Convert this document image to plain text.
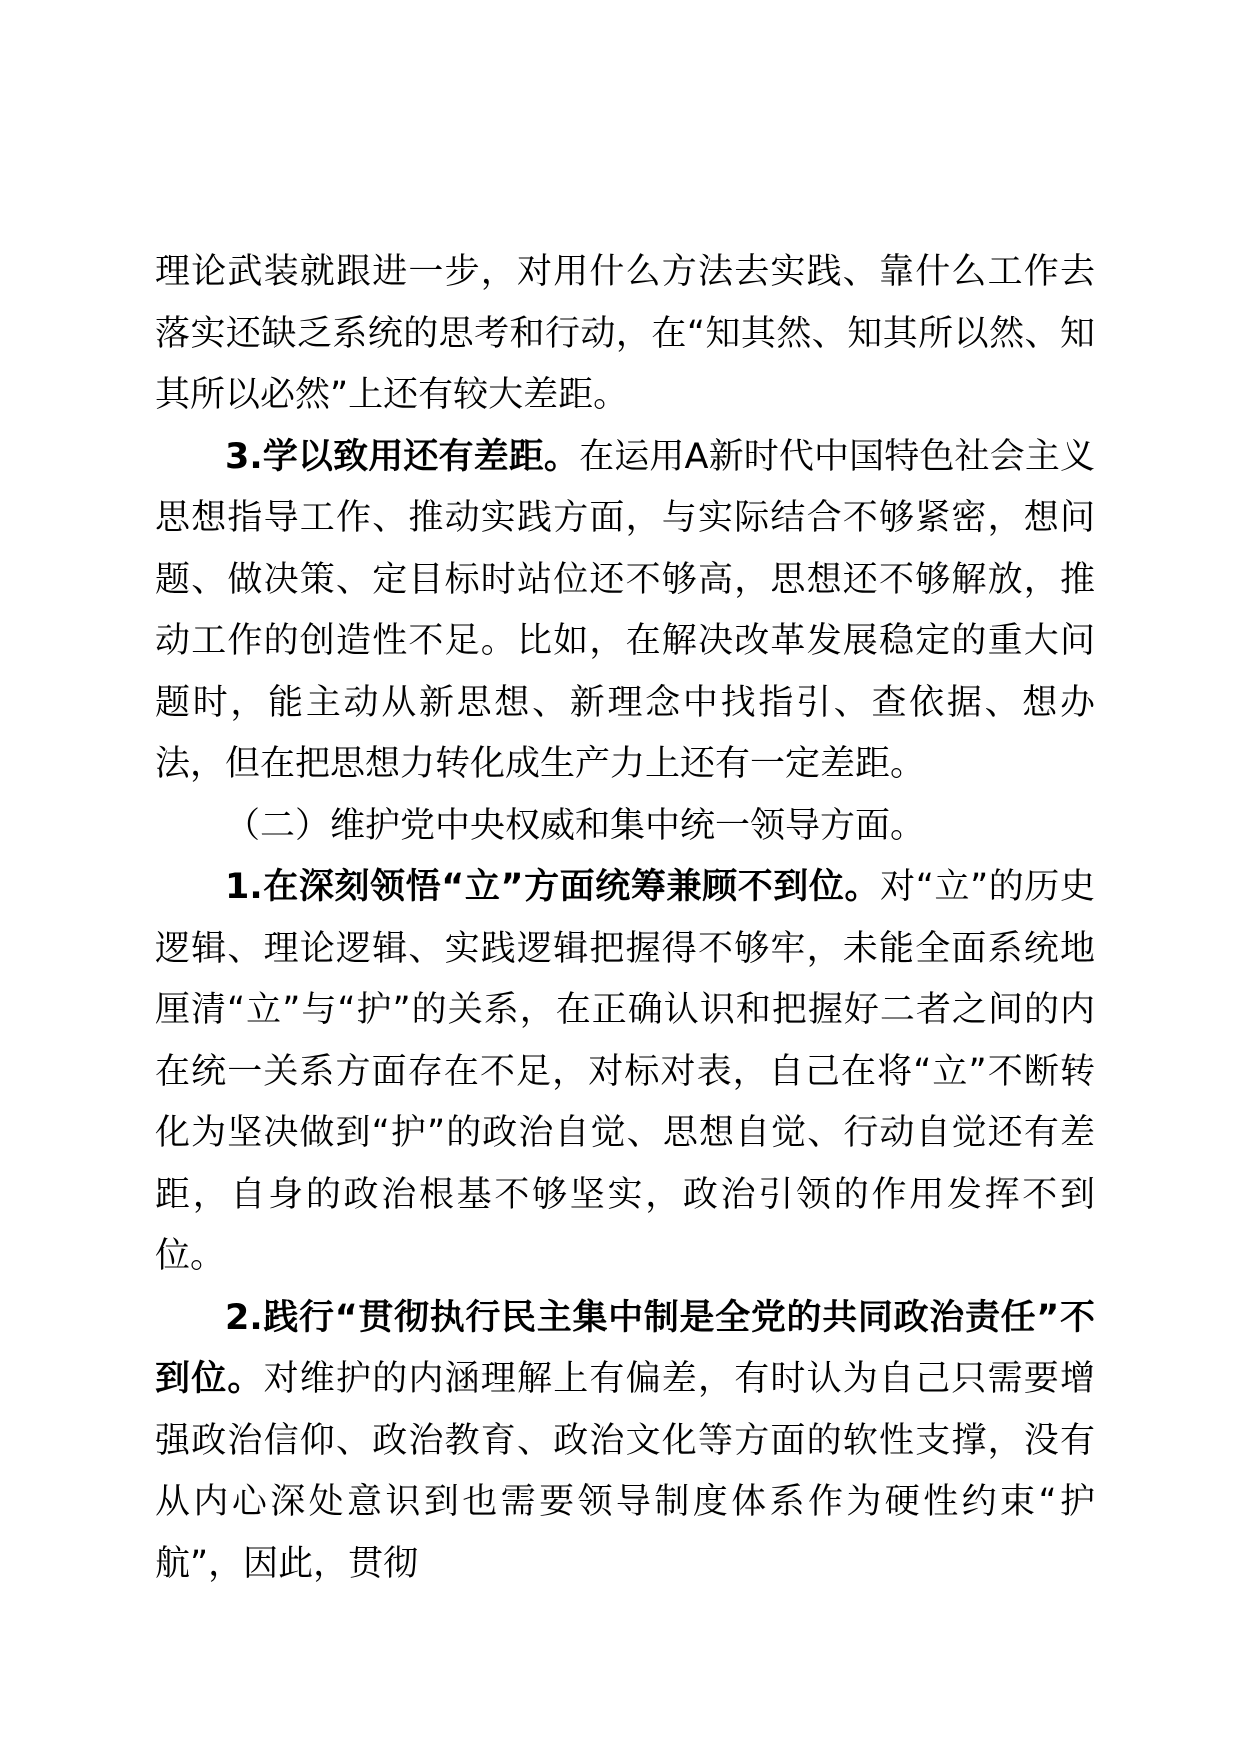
理论武装就跟进一步，对用什么方法去实践、靠什么工作去落实还缺乏系统的思考和行动，在“知其然、知其所以然、知其所以必然”上还有较大差距。

3.学以致用还有差距。在运用A新时代中国特色社会主义思想指导工作、推动实践方面，与实际结合不够紧密，想问题、做决策、定目标时站位还不够高，思想还不够解放，推动工作的创造性不足。比如，在解决改革发展稳定的重大问题时，能主动从新思想、新理念中找指引、查依据、想办法，但在把思想力转化成生产力上还有一定差距。

（二）维护党中央权威和集中统一领导方面。

1.在深刻领悟“立”方面统筹兼顾不到位。对“立”的历史逻辑、理论逻辑、实践逻辑把握得不够牢，未能全面系统地厘清“立”与“护”的关系，在正确认识和把握好二者之间的内在统一关系方面存在不足，对标对表，自己在将“立”不断转化为坚决做到“护”的政治自觉、思想自觉、行动自觉还有差距，自身的政治根基不够坚实，政治引领的作用发挥不到位。

2.践行“贯彻执行民主集中制是全党的共同政治责任”不到位。对维护的内涵理解上有偏差，有时认为自己只需要增强政治信仰、政治教育、政治文化等方面的软性支撑，没有从内心深处意识到也需要领导制度体系作为硬性约束“护航”，因此，贯彻
